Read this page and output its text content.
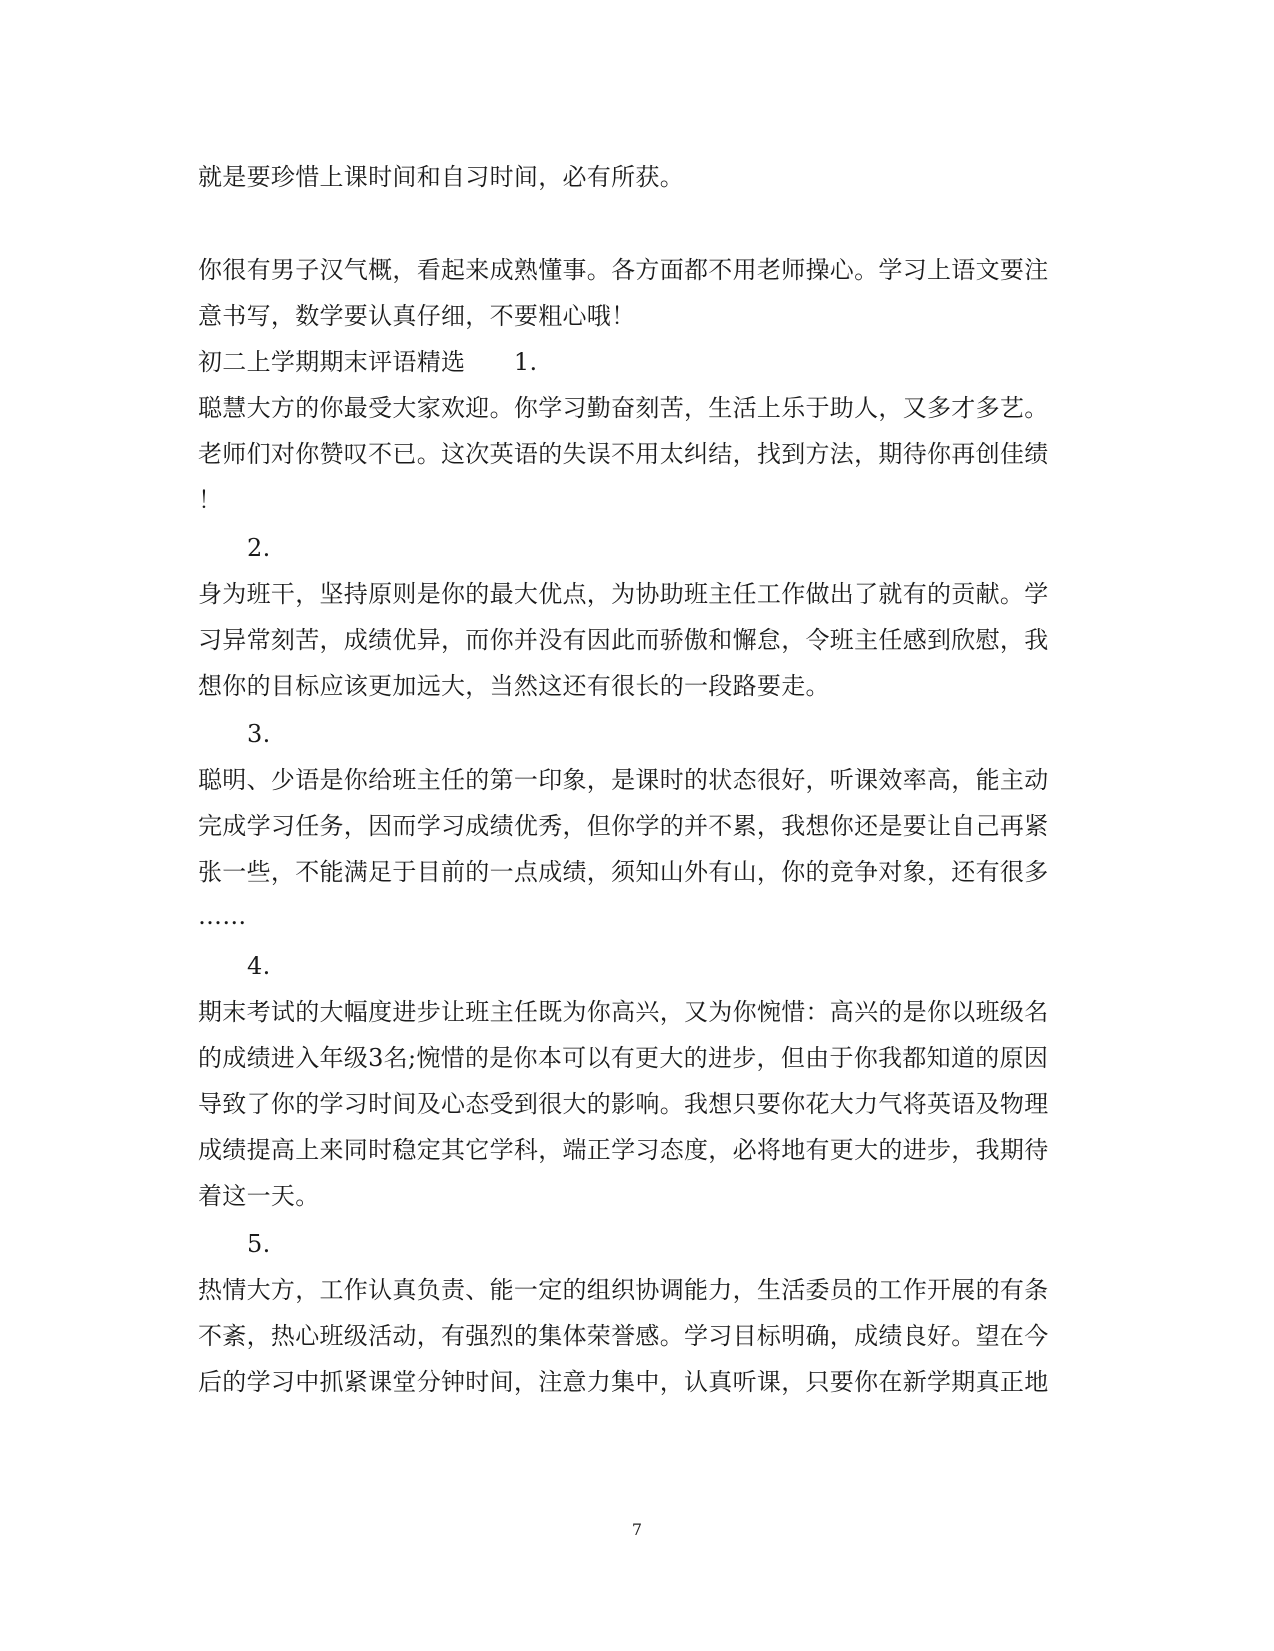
就是要珍惜上课时间和自习时间，必有所获。
你很有男子汉气概，看起来成熟懂事。各方面都不用老师操心。学习上语文要注
意书写，数学要认真仔细，不要粗心哦！
初二上学期期末评语精选　　1.
聪慧大方的你最受大家欢迎。你学习勤奋刻苦，生活上乐于助人，又多才多艺。
老师们对你赞叹不已。这次英语的失误不用太纠结，找到方法，期待你再创佳绩
！
2.
身为班干，坚持原则是你的最大优点，为协助班主任工作做出了就有的贡献。学
习异常刻苦，成绩优异，而你并没有因此而骄傲和懈怠，令班主任感到欣慰，我
想你的目标应该更加远大，当然这还有很长的一段路要走。
3.
聪明、少语是你给班主任的第一印象，是课时的状态很好，听课效率高，能主动
完成学习任务，因而学习成绩优秀，但你学的并不累，我想你还是要让自己再紧
张一些，不能满足于目前的一点成绩，须知山外有山，你的竞争对象，还有很多
……
4.
期末考试的大幅度进步让班主任既为你高兴，又为你惋惜：高兴的是你以班级名
的成绩进入年级3名;惋惜的是你本可以有更大的进步，但由于你我都知道的原因
导致了你的学习时间及心态受到很大的影响。我想只要你花大力气将英语及物理
成绩提高上来同时稳定其它学科，端正学习态度，必将地有更大的进步，我期待
着这一天。
5.
热情大方，工作认真负责、能一定的组织协调能力，生活委员的工作开展的有条
不紊，热心班级活动，有强烈的集体荣誉感。学习目标明确，成绩良好。望在今
后的学习中抓紧课堂分钟时间，注意力集中，认真听课，只要你在新学期真正地
7
